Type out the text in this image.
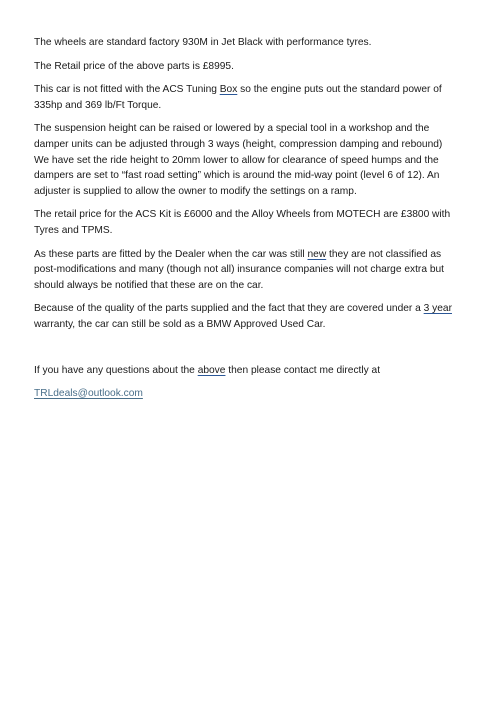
The wheels are standard factory 930M in Jet Black with performance tyres.

The Retail price of the above parts is £8995.

This car is not fitted with the ACS Tuning Box so the engine puts out the standard power of 335hp and 369 lb/Ft Torque.

The suspension height can be raised or lowered by a special tool in a workshop and the damper units can be adjusted through 3 ways (height, compression damping and rebound) We have set the ride height to 20mm lower to allow for clearance of speed humps and the dampers are set to “fast road setting” which is around the mid-way point (level 6 of 12). An adjuster is supplied to allow the owner to modify the settings on a ramp.

The retail price for the ACS Kit is £6000 and the Alloy Wheels from MOTECH are £3800 with Tyres and TPMS.

As these parts are fitted by the Dealer when the car was still new they are not classified as post-modifications and many (though not all) insurance companies will not charge extra but should always be notified that these are on the car.

Because of the quality of the parts supplied and the fact that they are covered under a 3 year warranty, the car can still be sold as a BMW Approved Used Car.

If you have any questions about the above then please contact me directly at

TRLdeals@outlook.com
